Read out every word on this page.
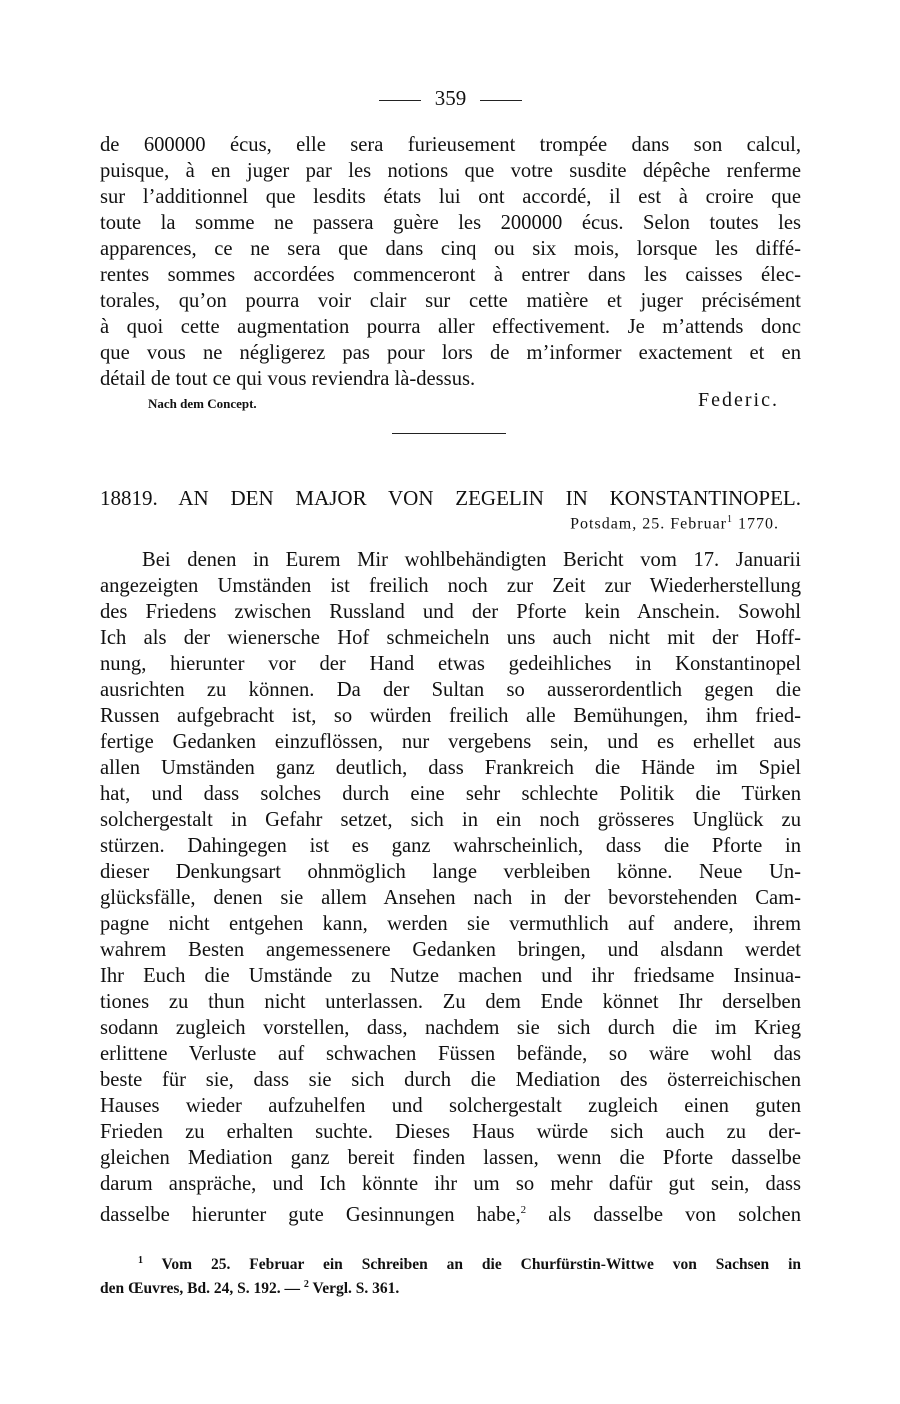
359
de 600000 écus, elle sera furieusement trompée dans son calcul,
puisque, à en juger par les notions que votre susdite dépêche renferme
sur l’additionnel que lesdits états lui ont accordé, il est à croire que
toute la somme ne passera guère les 200000 écus. Selon toutes les
apparences, ce ne sera que dans cinq ou six mois, lorsque les diffé-
rentes sommes accordées commenceront à entrer dans les caisses élec-
torales, qu’on pourra voir clair sur cette matière et juger précisément
à quoi cette augmentation pourra aller effectivement. Je m’attends donc
que vous ne négligerez pas pour lors de m’informer exactement et en
détail de tout ce qui vous reviendra là-dessus.
Nach dem Concept.	Federic.
18819. AN DEN MAJOR VON ZEGELIN IN KONSTANTINOPEL.
Potsdam, 25. Februar$^1$ 1770.
Bei denen in Eurem Mir wohlbehändigten Bericht vom 17. Januarii
angezeigten Umständen ist freilich noch zur Zeit zur Wiederherstellung
des Friedens zwischen Russland und der Pforte kein Anschein. Sowohl
Ich als der wienersche Hof schmeicheln uns auch nicht mit der Hoff-
nung, hierunter vor der Hand etwas gedeihliches in Konstantinopel
ausrichten zu können. Da der Sultan so ausserordentlich gegen die
Russen aufgebracht ist, so würden freilich alle Bemühungen, ihm fried-
fertige Gedanken einzuflössen, nur vergebens sein, und es erhellet aus
allen Umständen ganz deutlich, dass Frankreich die Hände im Spiel
hat, und dass solches durch eine sehr schlechte Politik die Türken
solchergestalt in Gefahr setzet, sich in ein noch grösseres Unglück zu
stürzen. Dahingegen ist es ganz wahrscheinlich, dass die Pforte in
dieser Denkungsart ohnmöglich lange verbleiben könne. Neue Un-
glücksfälle, denen sie allem Ansehen nach in der bevorstehenden Cam-
pagne nicht entgehen kann, werden sie vermuthlich auf andere, ihrem
wahrem Besten angemessenere Gedanken bringen, und alsdann werdet
Ihr Euch die Umstände zu Nutze machen und ihr friedsame Insinua-
tiones zu thun nicht unterlassen. Zu dem Ende könnet Ihr derselben
sodann zugleich vorstellen, dass, nachdem sie sich durch die im Krieg
erlittene Verluste auf schwachen Füssen befände, so wäre wohl das
beste für sie, dass sie sich durch die Mediation des österreichischen
Hauses wieder aufzuhelfen und solchergestalt zugleich einen guten
Frieden zu erhalten suchte. Dieses Haus würde sich auch zu der-
gleichen Mediation ganz bereit finden lassen, wenn die Pforte dasselbe
darum anspräche, und Ich könnte ihr um so mehr dafür gut sein, dass
dasselbe hierunter gute Gesinnungen habe,$^2$ als dasselbe von solchen
$^1$ Vom 25. Februar ein Schreiben an die Churfürstin-Wittwe von Sachsen in
den Œuvres, Bd. 24, S. 192. — $^2$ Vergl. S. 361.
